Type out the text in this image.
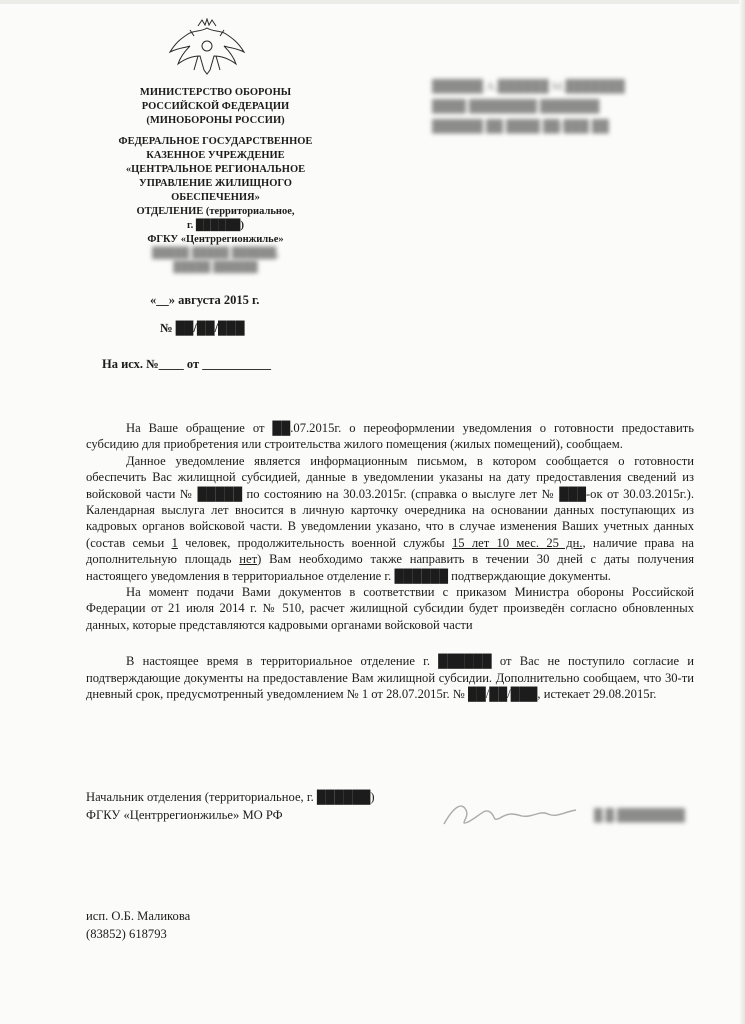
МИНИСТЕРСТВО ОБОРОНЫ
РОССИЙСКОЙ ФЕДЕРАЦИИ
(МИНОБОРОНЫ РОССИИ)
ФЕДЕРАЛЬНОЕ ГОСУДАРСТВЕННОЕ
КАЗЕННОЕ УЧРЕЖДЕНИЕ
«ЦЕНТРАЛЬНОЕ РЕГИОНАЛЬНОЕ
УПРАВЛЕНИЕ ЖИЛИЩНОГО
ОБЕСПЕЧЕНИЯ»
ОТДЕЛЕНИЕ (территориальное,
г. ██████)
ФГКУ «Центррегионжилье»
█████ █████ ██████,
█████ ██████
«__» августа 2015 г.
№ ██/██/███
На исх. №____ от ___________
██████ А.██████ М.███████
████ ████████ ███████
██████ ██ ████ ██/███ ██

На Ваше обращение от ██.07.2015г. о переоформлении уведомления о готовности предоставить субсидию для приобретения или строительства жилого помещения (жилых помещений), сообщаем.

Данное уведомление является информационным письмом, в котором сообщается о готовности обеспечить Вас жилищной субсидией, данные в уведомлении указаны на дату предоставления сведений из войсковой части № █████ по состоянию на 30.03.2015г. (справка о выслуге лет № ███-ок от 30.03.2015г.). Календарная выслуга лет вносится в личную карточку очередника на основании данных поступающих из кадровых органов войсковой части. В уведомлении указано, что в случае изменения Ваших учетных данных (состав семьи 1 человек, продолжительность военной службы 15 лет 10 мес. 25 дн., наличие права на дополнительную площадь нет) Вам необходимо также направить в течении 30 дней с даты получения настоящего уведомления в территориальное отделение г. ██████ подтверждающие документы.

На момент подачи Вами документов в соответствии с приказом Министра обороны Российской Федерации от 21 июля 2014 г. № 510, расчет жилищной субсидии будет произведён согласно обновленных данных, которые представляются кадровыми органами войсковой части

В настоящее время в территориальное отделение г. ██████ от Вас не поступило согласие и подтверждающие документы на предоставление Вам жилищной субсидии. Дополнительно сообщаем, что 30-ти дневный срок, предусмотренный уведомлением № 1 от 28.07.2015г. № ██/██/███, истекает 29.08.2015г.

Начальник отделения (территориальное, г. ██████)
ФГКУ «Центррегионжилье» МО РФ	█.█.████████
исп. О.Б. Маликова
(83852) 618793
